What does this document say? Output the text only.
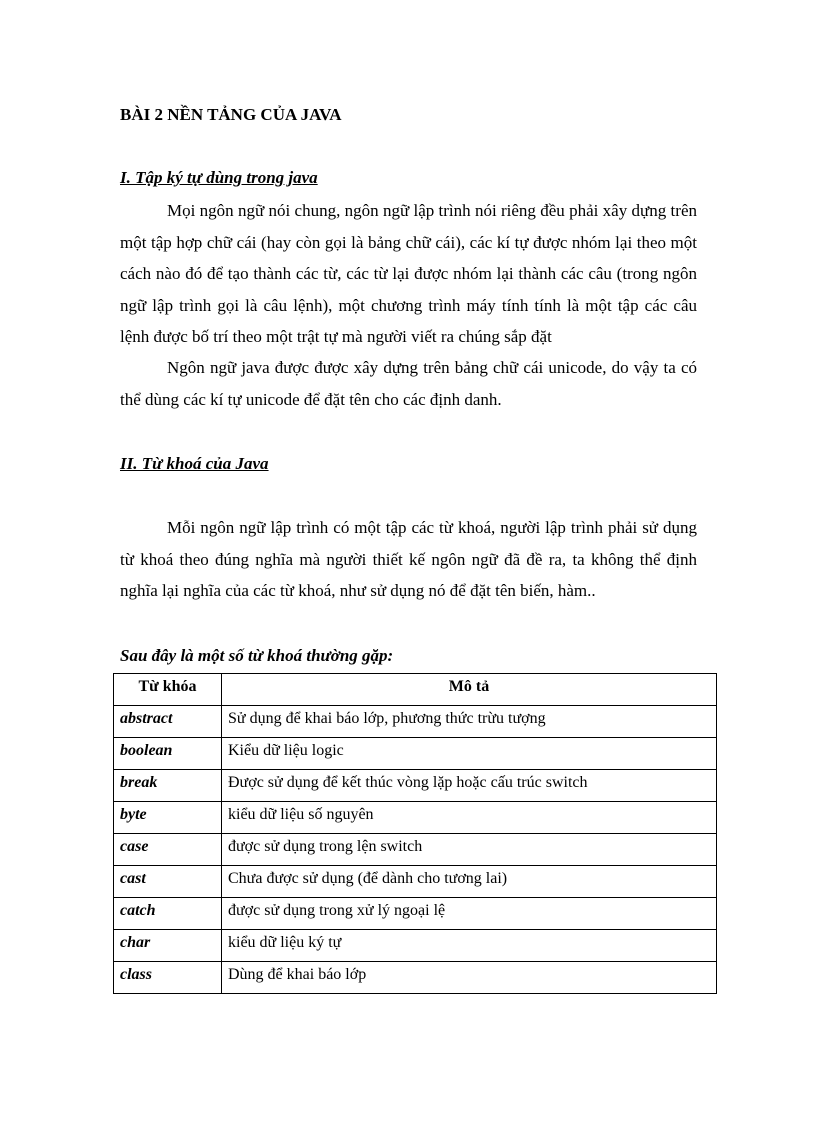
BÀI 2 NỀN TẢNG CỦA JAVA
I. Tập ký tự dùng trong java

Mọi ngôn ngữ nói chung, ngôn ngữ lập trình nói riêng đều phải xây dựng trên một tập hợp chữ cái (hay còn gọi là bảng chữ cái), các kí tự được nhóm lại theo một cách nào đó để tạo thành các từ, các từ lại được nhóm lại thành các câu (trong ngôn ngữ lập trình gọi là câu lệnh), một chương trình máy tính tính là một tập các câu lệnh được bố trí theo một trật tự mà người viết ra chúng sắp đặt

Ngôn ngữ java được được xây dựng trên bảng chữ cái unicode, do vậy ta có thể dùng các kí tự unicode để đặt tên cho các định danh.

II. Từ khoá của Java

Mỗi ngôn ngữ lập trình có một tập các từ khoá, người lập trình phải sử dụng từ khoá theo đúng nghĩa mà người thiết kế ngôn ngữ đã đề ra, ta không thể định nghĩa lại nghĩa của các từ khoá, như sử dụng nó để đặt tên biến, hàm..

Sau đây là một số từ khoá thường gặp:

Từ khóa	Mô tả
abstract	Sử dụng để khai báo lớp, phương thức trừu tượng
boolean	Kiểu dữ liệu logic
break	Được sử dụng để kết thúc vòng lặp hoặc cấu trúc switch
byte	kiểu dữ liệu số nguyên
case	được sử dụng trong lện switch
cast	Chưa được sử dụng (để dành cho tương lai)
catch	được sử dụng trong xử lý ngoại lệ
char	kiểu dữ liệu ký tự
class	Dùng để khai báo lớp
